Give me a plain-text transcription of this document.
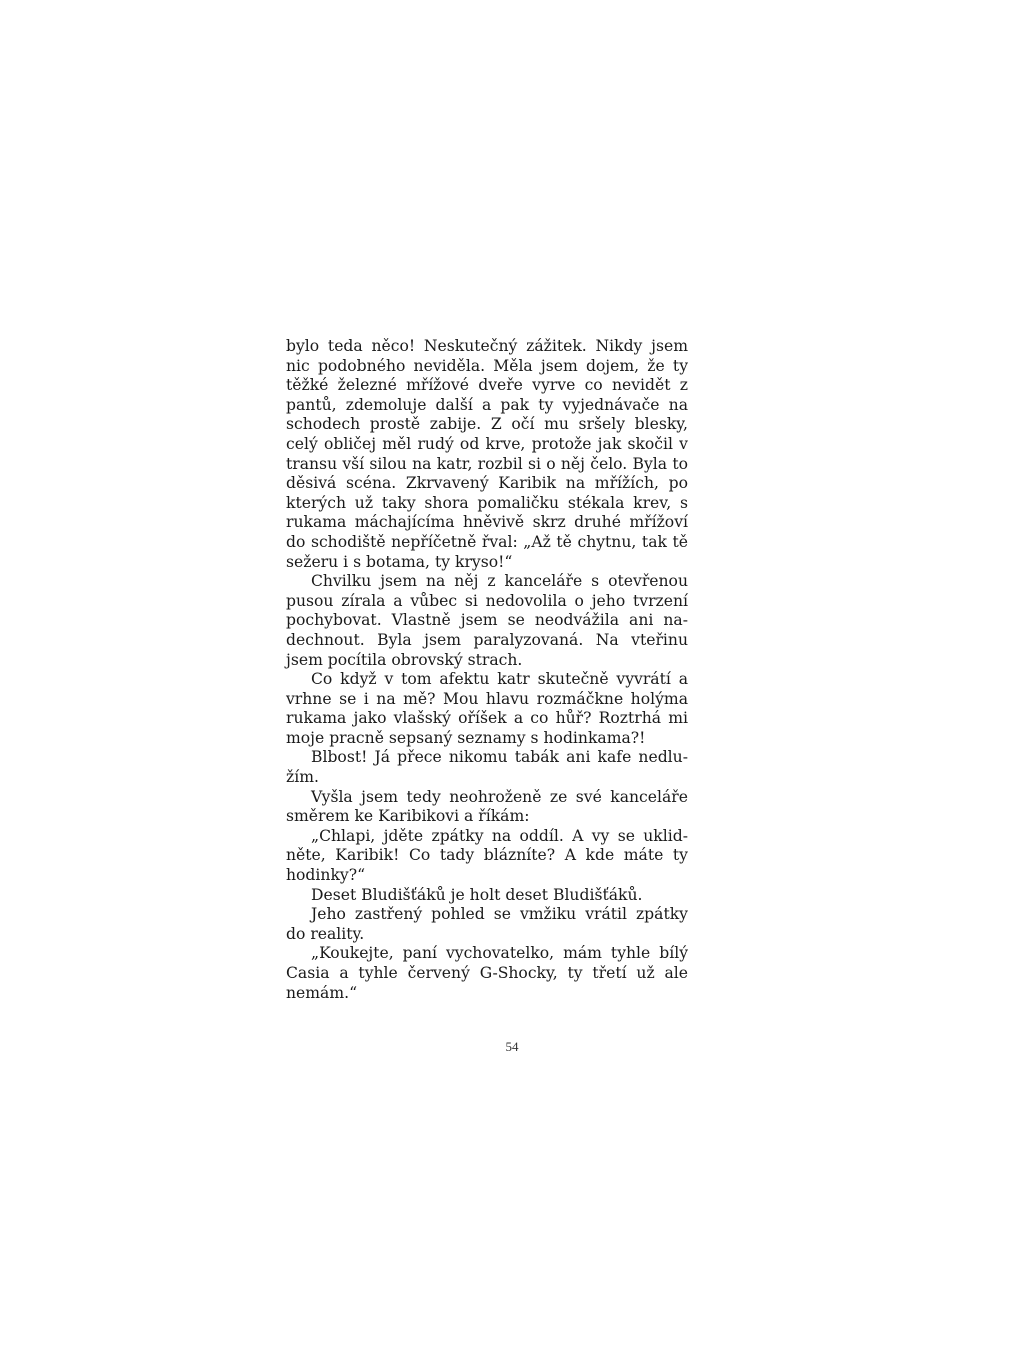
bylo teda něco! Neskutečný zážitek. Nikdy jsem nic podobného neviděla. Měla jsem dojem, že ty těžké železné mřížové dveře vyrve co nevidět z pantů, zdemoluje další a pak ty vyjednávače na schodech prostě zabije. Z očí mu sršely blesky, celý obličej měl rudý od krve, protože jak skočil v transu vší silou na katr, rozbil si o něj čelo. Byla to děsivá scéna. Zkrvavený Karibik na mřížích, po kterých už taky shora pomaličku stékala krev, s rukama máchajícíma hněvivě skrz druhé mřížoví do schodiště nepříčetně řval: „Až tě chytnu, tak tě sežeru i s botama, ty kryso!“

Chvilku jsem na něj z kanceláře s otevřenou pusou zírala a vůbec si nedovolila o jeho tvrzení pochybovat. Vlastně jsem se neodvážila ani nadechnout. Byla jsem paralyzovaná. Na vteřinu jsem pocítila obrovský strach.

Co když v tom afektu katr skutečně vyvrátí a vrhne se i na mě? Mou hlavu rozmáčkne holýma rukama jako vlašský oříšek a co hůř? Roztrhá mi moje pracně sepsaný seznamy s hodinkama?!

Blbost! Já přece nikomu tabák ani kafe nedlužím.

Vyšla jsem tedy neohroženě ze své kanceláře směrem ke Karibikovi a říkám:

„Chlapi, jděte zpátky na oddíl. A vy se uklidněte, Karibik! Co tady blázníte? A kde máte ty hodinky?“

Deset Bludišťáků je holt deset Bludišťáků.

Jeho zastřený pohled se vmžiku vrátil zpátky do reality.

„Koukejte, paní vychovatelko, mám tyhle bílý Casia a tyhle červený G-Shocky, ty třetí už ale nemám.“

54
